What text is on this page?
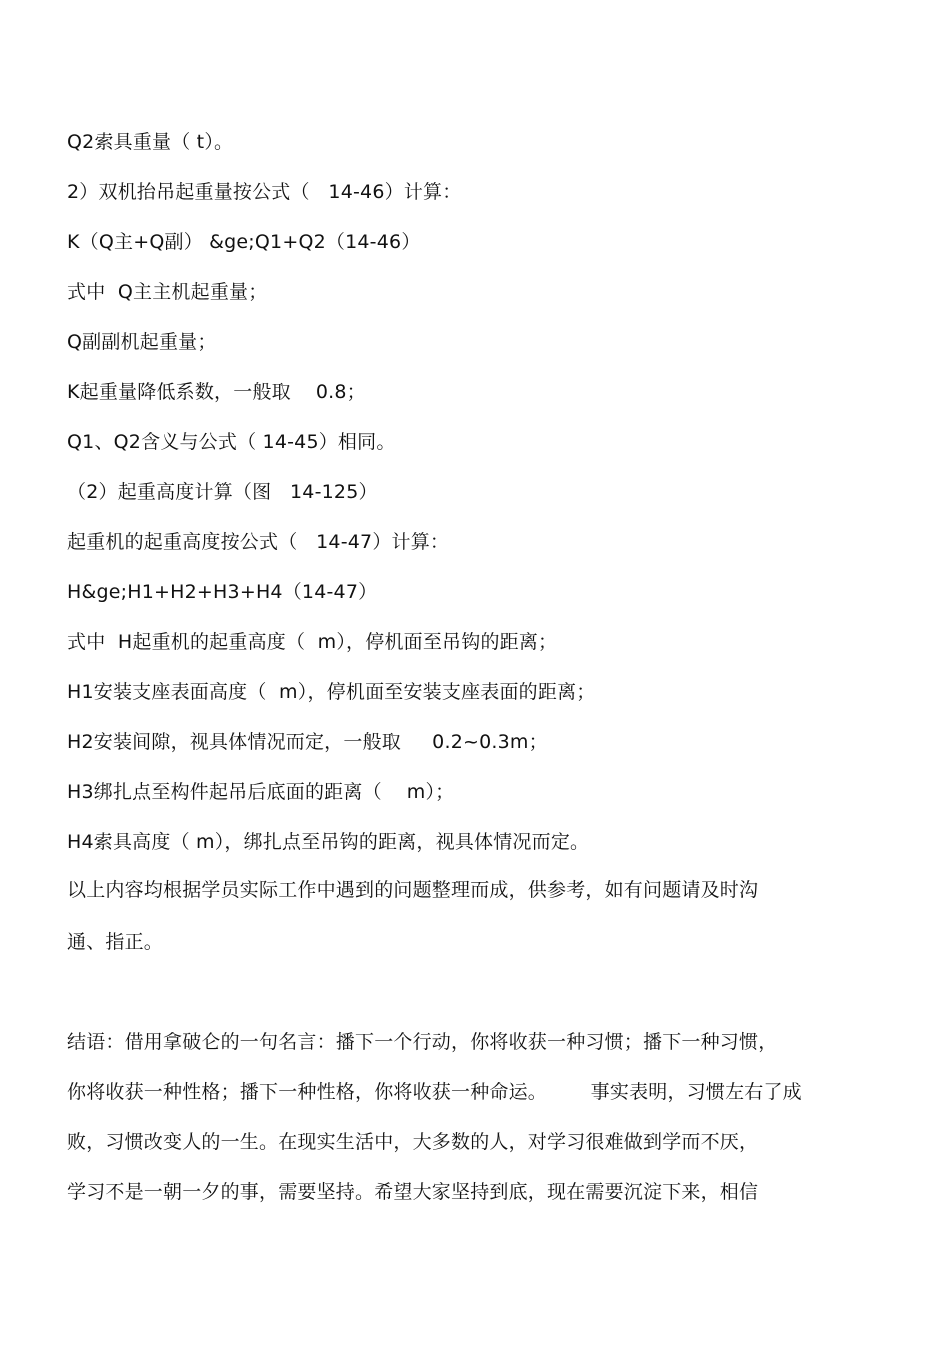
Q2索具重量（ t）。
2）双机抬吊起重量按公式（   14-46）计算：
K（Q主+Q副） &ge;Q1+Q2（14-46）
式中  Q主主机起重量；
Q副副机起重量；
K起重量降低系数，一般取    0.8；
Q1、Q2含义与公式（ 14-45）相同。
（2）起重高度计算（图   14-125）
起重机的起重高度按公式（   14-47）计算：
H&ge;H1+H2+H3+H4（14-47）
式中  H起重机的起重高度（  m），停机面至吊钩的距离；
H1安装支座表面高度（  m），停机面至安装支座表面的距离；
H2安装间隙，视具体情况而定，一般取     0.2~0.3m；
H3绑扎点至构件起吊后底面的距离（    m）；
H4索具高度（ m），绑扎点至吊钩的距离，视具体情况而定。
以上内容均根据学员实际工作中遇到的问题整理而成，供参考，如有问题请及时沟
通、指正。
结语：借用拿破仑的一句名言：播下一个行动，你将收获一种习惯；播下一种习惯，
你将收获一种性格；播下一种性格，你将收获一种命运。       事实表明，习惯左右了成
败，习惯改变人的一生。在现实生活中，大多数的人，对学习很难做到学而不厌，
学习不是一朝一夕的事，需要坚持。希望大家坚持到底，现在需要沉淀下来，相信
